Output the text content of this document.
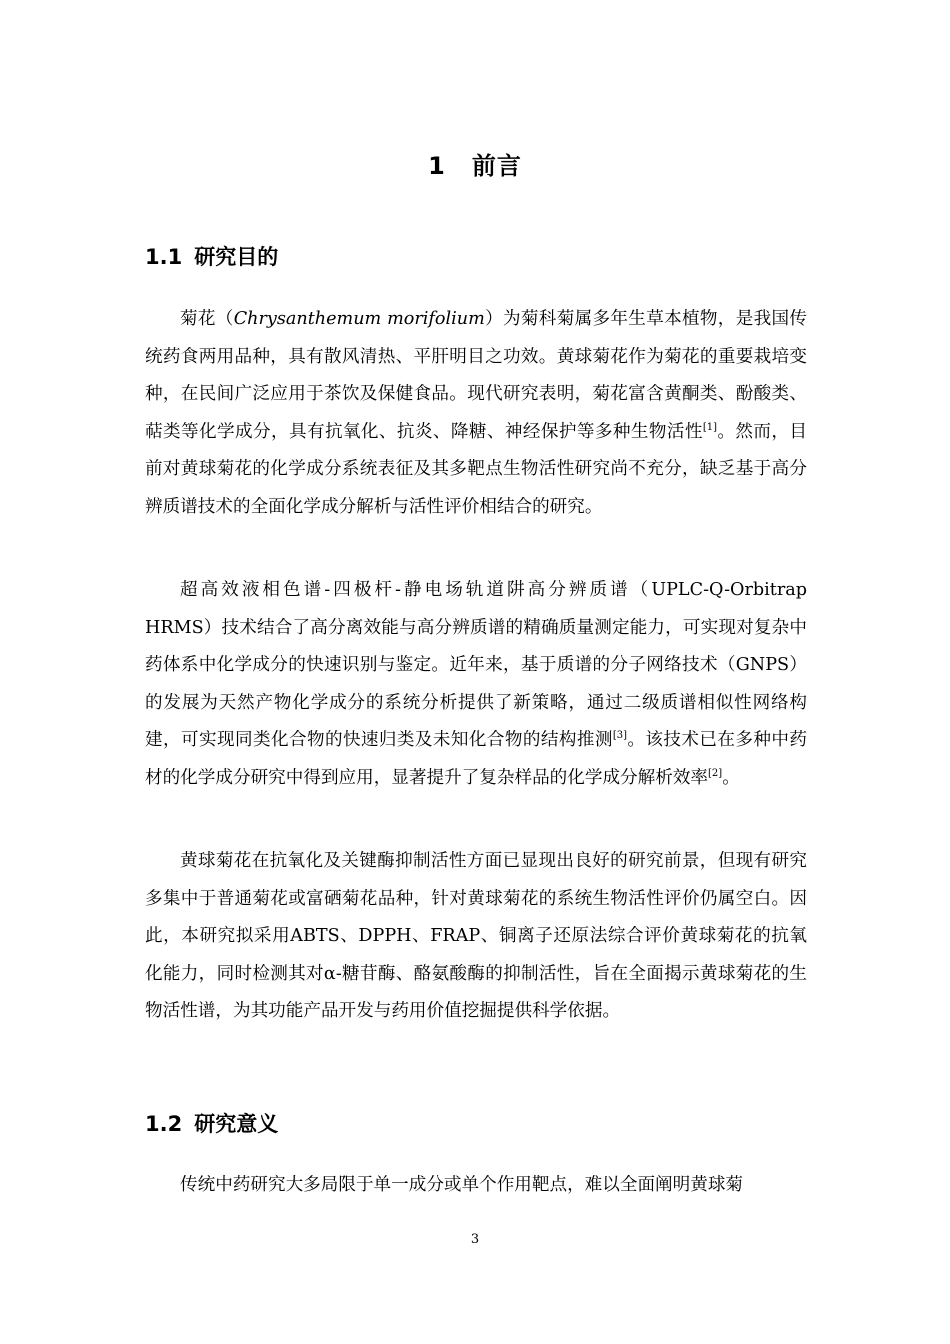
1 前言
1.1 研究目的

菊花（Chrysanthemum morifolium）为菊科菊属多年生草本植物，是我国传统药食两用品种，具有散风清热、平肝明目之功效。黄球菊花作为菊花的重要栽培变种，在民间广泛应用于茶饮及保健食品。现代研究表明，菊花富含黄酮类、酚酸类、萜类等化学成分，具有抗氧化、抗炎、降糖、神经保护等多种生物活性[1]。然而，目前对黄球菊花的化学成分系统表征及其多靶点生物活性研究尚不充分，缺乏基于高分辨质谱技术的全面化学成分解析与活性评价相结合的研究。

超高效液相色谱-四极杆-静电场轨道阱高分辨质谱（UPLC-Q-Orbitrap HRMS）技术结合了高分离效能与高分辨质谱的精确质量测定能力，可实现对复杂中药体系中化学成分的快速识别与鉴定。近年来，基于质谱的分子网络技术（GNPS）的发展为天然产物化学成分的系统分析提供了新策略，通过二级质谱相似性网络构建，可实现同类化合物的快速归类及未知化合物的结构推测[3]。该技术已在多种中药材的化学成分研究中得到应用，显著提升了复杂样品的化学成分解析效率[2]。

黄球菊花在抗氧化及关键酶抑制活性方面已显现出良好的研究前景，但现有研究多集中于普通菊花或富硒菊花品种，针对黄球菊花的系统生物活性评价仍属空白。因此，本研究拟采用ABTS、DPPH、FRAP、铜离子还原法综合评价黄球菊花的抗氧化能力，同时检测其对α-糖苷酶、酪氨酸酶的抑制活性，旨在全面揭示黄球菊花的生物活性谱，为其功能产品开发与药用价值挖掘提供科学依据。

1.2 研究意义

传统中药研究大多局限于单一成分或单个作用靶点，难以全面阐明黄球菊

3
